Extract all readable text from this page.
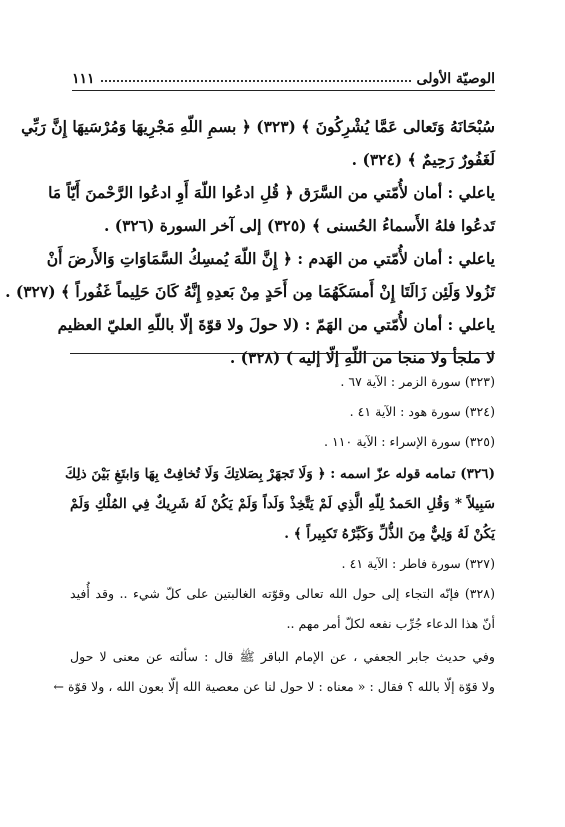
الوصيّة الأولى
١١١
سُبْحَانَهُ وَتَعالى عَمَّا يُشْرِكُونَ ﴾ (٣٢٣) ﴿ بسمِ اللّهِ مَجْرِيهَا وَمُرْسَيهَا إِنَّ رَبِّي
لَغَفُورٌ رَحِيمٌ ﴾ (٣٢٤) .
ياعلي : أمان لأُمّتي من السَّرَق ﴿ قُلِ ادعُوا اللّهَ أَوِ ادعُوا الرَّحْمنَ أَيّاً مَا
تَدعُوا فلهُ الأَسماءُ الحُسنى ﴾ (٣٢٥) إلى آخر السورة (٣٢٦) .
ياعلي : أمان لأُمّتي من الهَدم : ﴿ إِنَّ اللّهَ يُمسِكُ السَّمَاوَاتِ وَالأَرضَ أَنْ
تَزُولا وَلَئِن زَالَتَا إِنْ أَمسَكَهُمَا مِن أَحَدٍ مِنْ بَعدِهِ إِنَّهُ كَانَ حَلِيماً غَفُوراً ﴾ (٣٢٧) .
ياعلي : أمان لأُمّتي من الهَمّ : (لا حولَ ولا قوّةَ إلّا باللّهِ العليّ العظيم
لا ملجأ ولا منجا من اللّهِ إلّا إليه ) (٣٢٨) .
(٣٢٣) سورة الزمر : الآية ٦٧ .
(٣٢٤) سورة هود : الآية ٤١ .
(٣٢٥) سورة الإسراء : الآية ١١٠ .
(٣٢٦) تمامه قوله عزّ اسمه : ﴿ وَلَا تَجهَرْ بِصَلاتِكَ وَلَا تُخافِتْ بِهَا وَابتَغِ بَيْنَ ذلِكَ
سَبِيلاً * وَقُلِ الحَمدُ لِلّهِ الَّذِي لَمْ يَتَّخِذْ وَلَداً وَلَمْ يَكُنْ لَهُ شَرِيكٌ فِي المُلْكِ وَلَمْ
يَكُنْ لَهُ وَلِيٌّ مِنَ الذُّلِّ وَكَبِّرْهُ تَكبِيراً ﴾ .
(٣٢٧) سورة فاطر : الآية ٤١ .
(٣٢٨) فإنّه التجاء إلى حول الله تعالى وقوّته الغالبتين على كلّ شيء .. وقد أُفيد
أنّ هذا الدعاء جُرِّب نفعه لكلّ أمر مهم ..
وفي حديث جابر الجعفي ، عن الإمام الباقر ﷺ قال : سألته عن معنى لا حول
ولا قوّة إلّا بالله ؟ فقال : « معناه : لا حول لنا عن معصية الله إلّا بعون الله ، ولا قوّة ←
